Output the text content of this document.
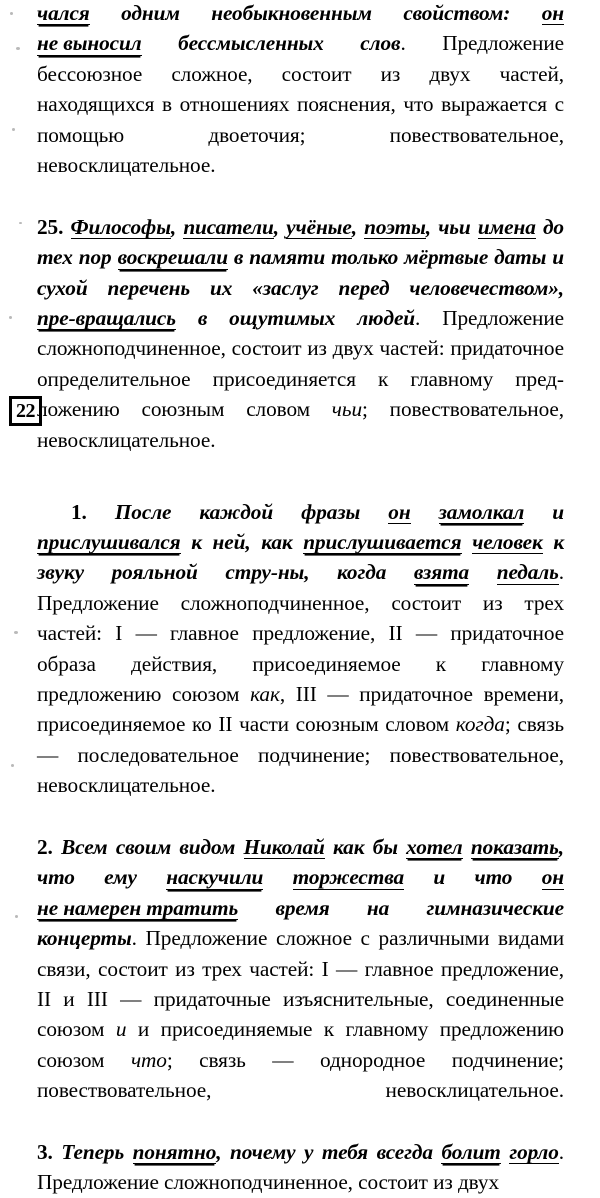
22

чался одним необыкновенным свойством: он не выносил бессмысленных слов. Предложение бессоюзное сложное, состоит из двух частей, находящихся в отношениях пояснения, что выражается с помощью двоеточия; повествовательное, невосклицательное.

25. Философы, писатели, учёные, поэты, чьи имена до тех пор воскрешали в памяти только мёртвые даты и сухой перечень их «заслуг перед человечеством», пре-вращались в ощутимых людей. Предложение сложноподчиненное, состоит из двух частей: придаточное определительное присоединяется к главному предложению союзным словом чьи; повествовательное, невосклицательное.

1. После каждой фразы он замолкал и прислушивался к ней, как прислушивается человек к звуку рояльной стру-ны, когда взята педаль. Предложение сложноподчиненное, состоит из трех частей: I — главное предложение, II — придаточное образа действия, присоединяемое к главному предложению союзом как, III — придаточное времени, присоединяемое ко II части союзным словом когда; связь — последовательное подчинение; повествовательное, невосклицательное.

2. Всем своим видом Николай как бы хотел показать, что ему наскучили торжества и что он не намерен тратить время на гимназические концерты. Предложение сложное с различными видами связи, состоит из трех частей: I — главное предложение, II и III — придаточные изъяснительные, соединенные союзом и и присоединяемые к главному предложению союзом что; связь — однородное подчинение; повествовательное, невосклицательное.

3. Теперь понятно, почему у тебя всегда болит горло. Предложение сложноподчиненное, состоит из двух
